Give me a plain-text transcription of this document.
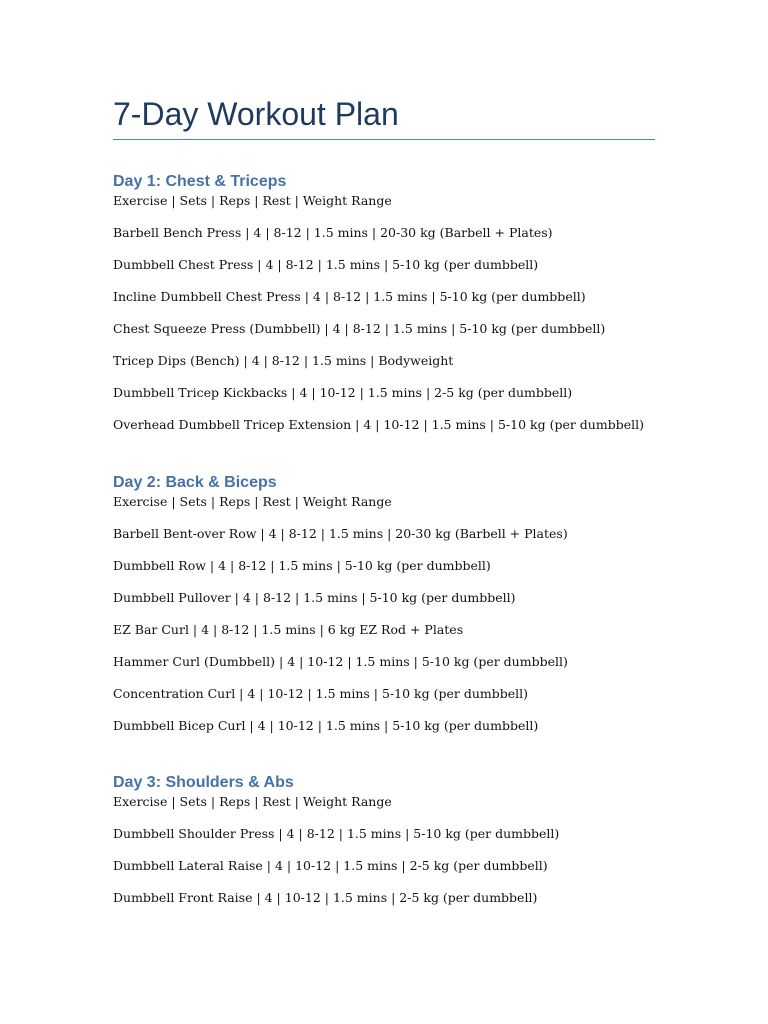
7-Day Workout Plan
Day 1: Chest & Triceps
Exercise | Sets | Reps | Rest | Weight Range
Barbell Bench Press | 4 | 8-12 | 1.5 mins | 20-30 kg (Barbell + Plates)
Dumbbell Chest Press | 4 | 8-12 | 1.5 mins | 5-10 kg (per dumbbell)
Incline Dumbbell Chest Press | 4 | 8-12 | 1.5 mins | 5-10 kg (per dumbbell)
Chest Squeeze Press (Dumbbell) | 4 | 8-12 | 1.5 mins | 5-10 kg (per dumbbell)
Tricep Dips (Bench) | 4 | 8-12 | 1.5 mins | Bodyweight
Dumbbell Tricep Kickbacks | 4 | 10-12 | 1.5 mins | 2-5 kg (per dumbbell)
Overhead Dumbbell Tricep Extension | 4 | 10-12 | 1.5 mins | 5-10 kg (per dumbbell)
Day 2: Back & Biceps
Exercise | Sets | Reps | Rest | Weight Range
Barbell Bent-over Row | 4 | 8-12 | 1.5 mins | 20-30 kg (Barbell + Plates)
Dumbbell Row | 4 | 8-12 | 1.5 mins | 5-10 kg (per dumbbell)
Dumbbell Pullover | 4 | 8-12 | 1.5 mins | 5-10 kg (per dumbbell)
EZ Bar Curl | 4 | 8-12 | 1.5 mins | 6 kg EZ Rod + Plates
Hammer Curl (Dumbbell) | 4 | 10-12 | 1.5 mins | 5-10 kg (per dumbbell)
Concentration Curl | 4 | 10-12 | 1.5 mins | 5-10 kg (per dumbbell)
Dumbbell Bicep Curl | 4 | 10-12 | 1.5 mins | 5-10 kg (per dumbbell)
Day 3: Shoulders & Abs
Exercise | Sets | Reps | Rest | Weight Range
Dumbbell Shoulder Press | 4 | 8-12 | 1.5 mins | 5-10 kg (per dumbbell)
Dumbbell Lateral Raise | 4 | 10-12 | 1.5 mins | 2-5 kg (per dumbbell)
Dumbbell Front Raise | 4 | 10-12 | 1.5 mins | 2-5 kg (per dumbbell)
